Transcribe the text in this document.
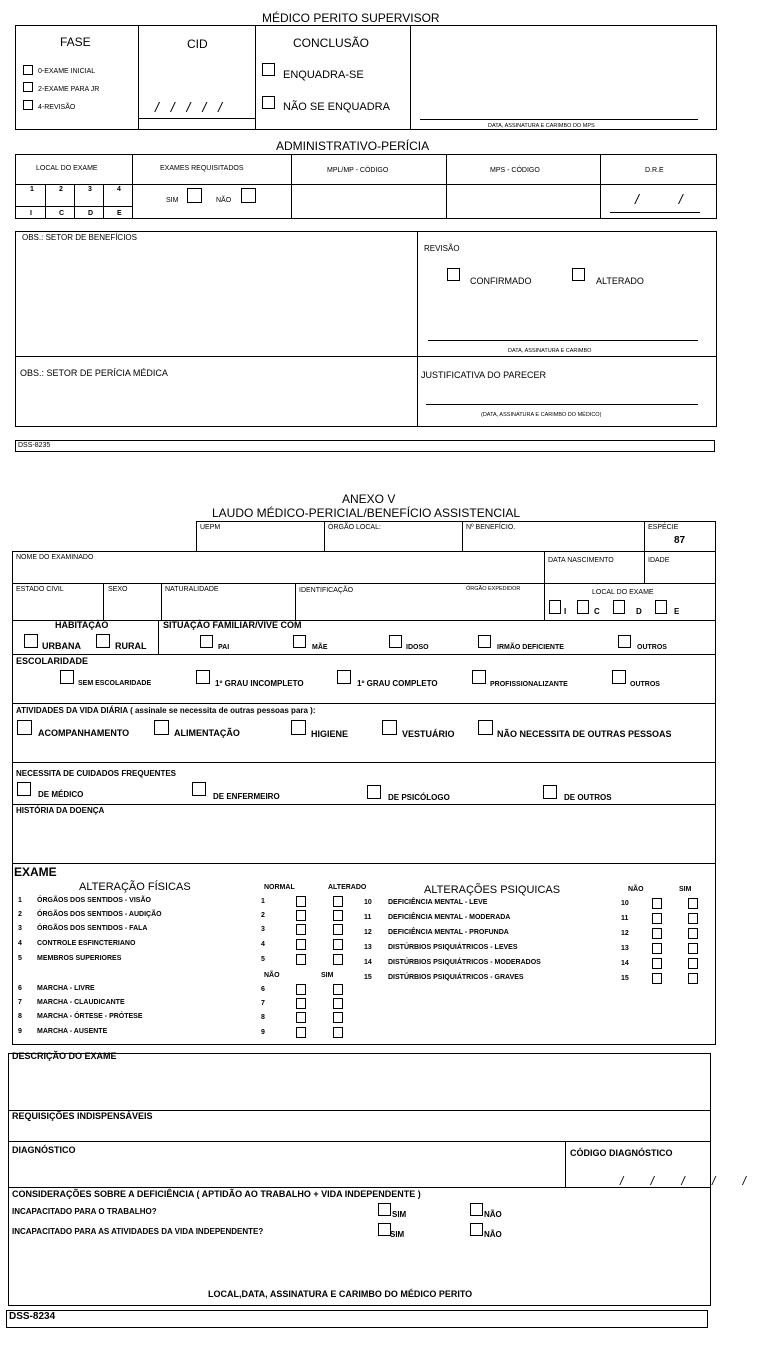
MÉDICO PERITO SUPERVISOR
FASE
0-EXAME INICIAL
2-EXAME PARA JR
4-REVISÃO
CID
/ / / / /
CONCLUSÃO
ENQUADRA-SE
NÃO SE ENQUADRA
DATA, ASSINATURA E CARIMBO DO MPS
ADMINISTRATIVO-PERÍCIA
LOCAL DO EXAME
1	2	3	4
I	C	D	E
EXAMES REQUISITADOS
SIM	NÃO
MPL/MP - CÓDIGO	MPS - CÓDIGO	D.R.E
/ /
OBS.: SETOR DE BENEFÍCIOS
REVISÃO
CONFIRMADO	ALTERADO
DATA, ASSINATURA E CARIMBO
OBS.: SETOR DE PERÍCIA MÉDICA	JUSTIFICATIVA DO PARECER
(DATA, ASSINATURA E CARIMBO DO MÉDICO)
DSS-8235
ANEXO V
LAUDO MÉDICO-PERICIAL/BENEFÍCIO ASSISTENCIAL
UEPM	ÓRGÃO LOCAL:	Nº BENEFÍCIO.	ESPÉCIE
87
NOME DO EXAMINADO	DATA NASCIMENTO	IDADE
ESTADO CIVIL	SEXO	NATURALIDADE	IDENTIFICAÇÃO	ÓRGÃO EXPEDIDOR	LOCAL DO EXAME
I	C	D	E
HABITAÇÃO
URBANA	RURAL
SITUAÇÃO FAMILIAR/VIVE COM
PAI	MÃE	IDOSO	IRMÃO DEFICIENTE	OUTROS
ESCOLARIDADE
SEM ESCOLARIDADE	1º GRAU INCOMPLETO	1º GRAU COMPLETO	PROFISSIONALIZANTE	OUTROS
ATIVIDADES DA VIDA DIÁRIA ( assinale se necessita de outras pessoas para ):
ACOMPANHAMENTO	ALIMENTAÇÃO	HIGIENE	VESTUÁRIO	NÃO NECESSITA DE OUTRAS PESSOAS
NECESSITA DE CUIDADOS FREQUENTES
DE MÉDICO	DE ENFERMEIRO	DE PSICÓLOGO	DE OUTROS
HISTÓRIA DA DOENÇA
EXAME
ALTERAÇÃO FÍSICAS	NORMAL	ALTERADO	ALTERAÇÕES PSIQUICAS	NÃO	SIM
NÃO	SIM
1 ÓRGÃOS DOS SENTIDOS - VISÃO	1
2 ÓRGÃOS DOS SENTIDOS - AUDIÇÃO	2
3 ÓRGÃOS DOS SENTIDOS - FALA	3
4 CONTROLE ESFINCTERIANO	4
5 MEMBROS SUPERIORES	5
6 MARCHA - LIVRE	6
7 MARCHA - CLAUDICANTE	7
8 MARCHA - ÓRTESE - PRÓTESE	8
9 MARCHA - AUSENTE	9
10 DEFICIÊNCIA MENTAL - LEVE	10
11 DEFICIÊNCIA MENTAL - MODERADA	11
12 DEFICIÊNCIA MENTAL - PROFUNDA	12
13 DISTÚRBIOS PSIQUIÁTRICOS - LEVES	13
14 DISTÚRBIOS PSIQUIÁTRICOS - MODERADOS	14
15 DISTÚRBIOS PSIQUIÁTRICOS - GRAVES	15
DESCRIÇÃO DO EXAME
REQUISIÇÕES INDISPENSÁVEIS
DIAGNÓSTICO	CÓDIGO DIAGNÓSTICO
/ / / / /
CONSIDERAÇÕES SOBRE A DEFICIÊNCIA ( APTIDÃO AO TRABALHO + VIDA INDEPENDENTE )
INCAPACITADO PARA O TRABALHO?	SIM	NÃO
INCAPACITADO PARA AS ATIVIDADES DA VIDA INDEPENDENTE?	SIM	NÃO
LOCAL,DATA, ASSINATURA E CARIMBO DO MÉDICO PERITO
DSS-8234
